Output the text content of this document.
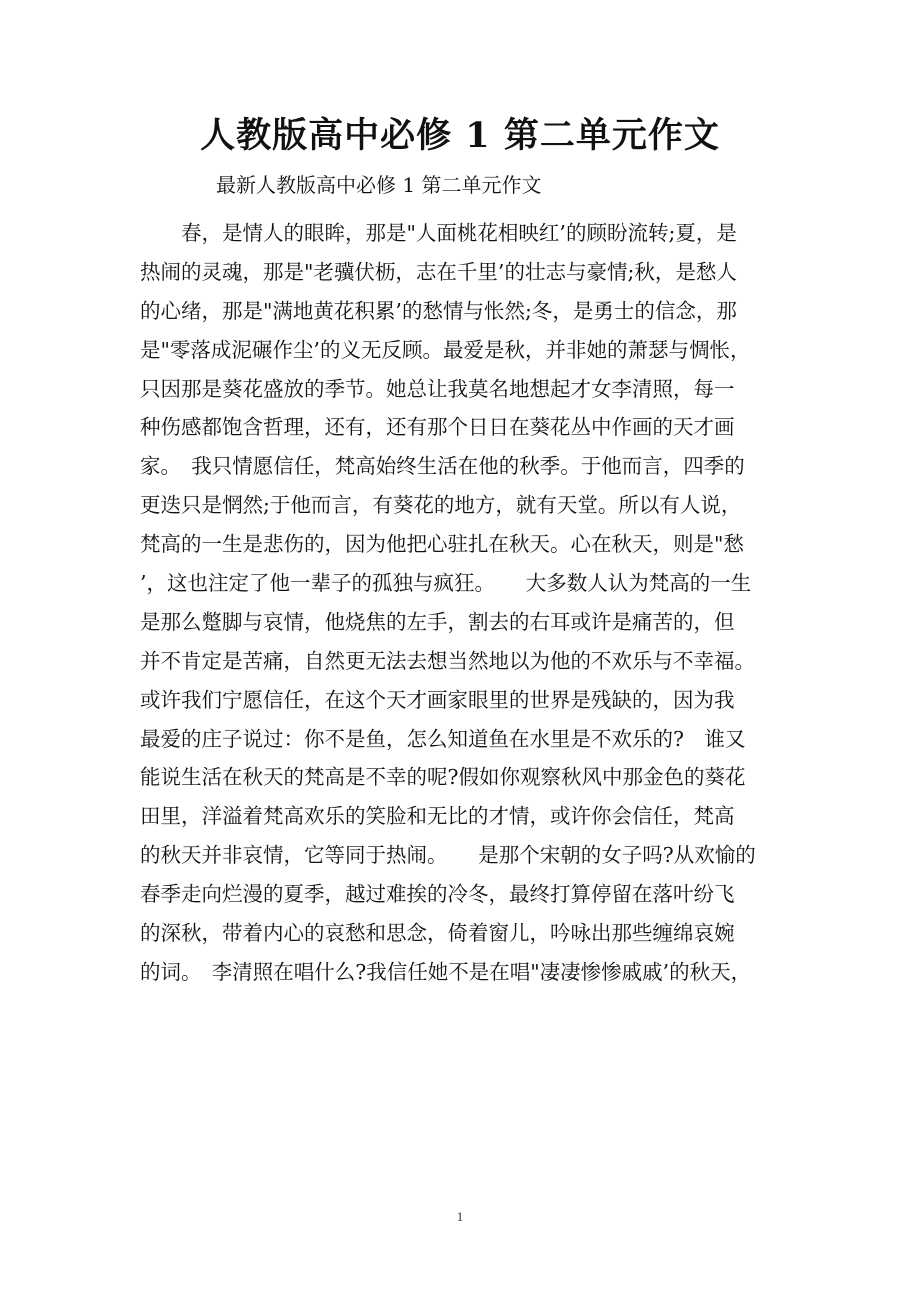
人教版高中必修 1 第二单元作文

最新人教版高中必修 1 第二单元作文

　　春，是情人的眼眸，那是"人面桃花相映红’的顾盼流转;夏，是
热闹的灵魂，那是"老骥伏枥，志在千里’的壮志与豪情;秋，是愁人
的心绪，那是"满地黄花积累’的愁情与怅然;冬，是勇士的信念，那
是"零落成泥碾作尘’的义无反顾。最爱是秋，并非她的萧瑟与惆怅，
只因那是葵花盛放的季节。她总让我莫名地想起才女李清照，每一
种伤感都饱含哲理，还有，还有那个日日在葵花丛中作画的天才画
家。　我只情愿信任，梵高始终生活在他的秋季。于他而言，四季的
更迭只是惘然;于他而言，有葵花的地方，就有天堂。所以有人说，
梵高的一生是悲伤的，因为他把心驻扎在秋天。心在秋天，则是"愁
’，这也注定了他一辈子的孤独与疯狂。　　大多数人认为梵高的一生
是那么蹩脚与哀情，他烧焦的左手，割去的右耳或许是痛苦的，但
并不肯定是苦痛，自然更无法去想当然地以为他的不欢乐与不幸福。
或许我们宁愿信任，在这个天才画家眼里的世界是残缺的，因为我
最爱的庄子说过：你不是鱼，怎么知道鱼在水里是不欢乐的?　谁又
能说生活在秋天的梵高是不幸的呢?假如你观察秋风中那金色的葵花
田里，洋溢着梵高欢乐的笑脸和无比的才情，或许你会信任，梵高
的秋天并非哀情，它等同于热闹。　　是那个宋朝的女子吗?从欢愉的
春季走向烂漫的夏季，越过难挨的冷冬，最终打算停留在落叶纷飞
的深秋，带着内心的哀愁和思念，倚着窗儿，吟咏出那些缠绵哀婉
的词。　李清照在唱什么?我信任她不是在唱"凄凄惨惨戚戚’的秋天，
1
